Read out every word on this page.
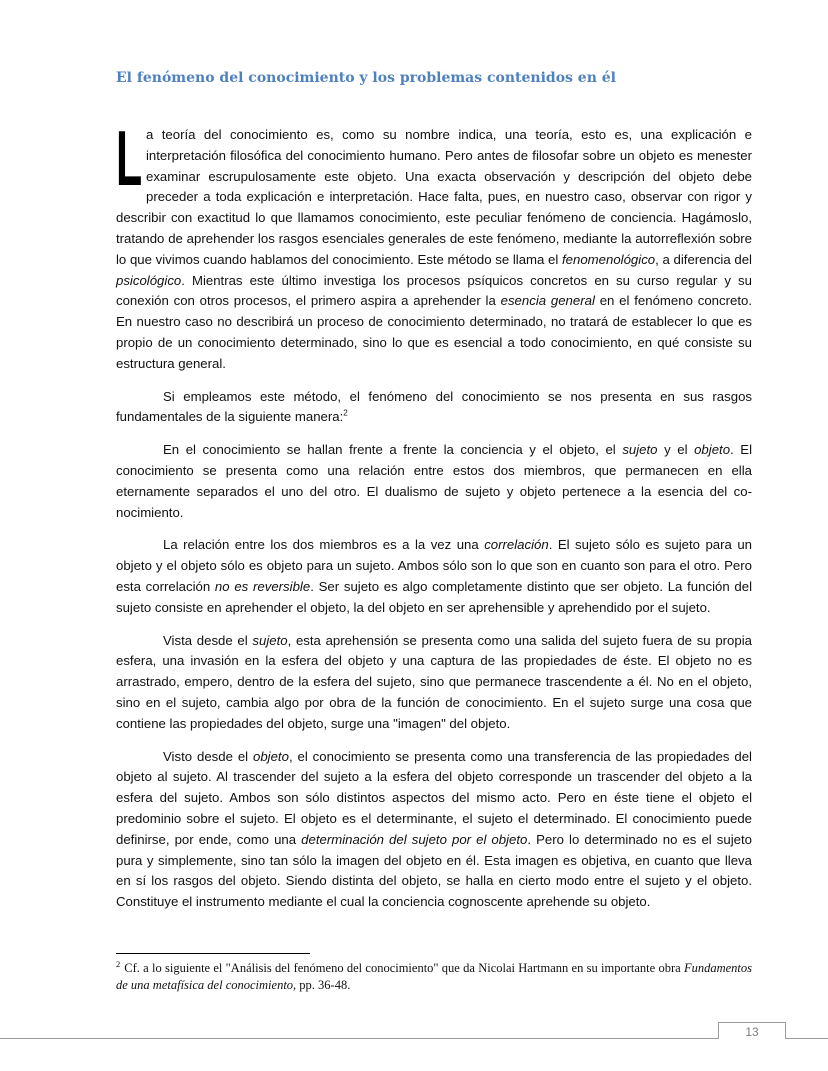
El fenómeno del conocimiento y los problemas contenidos en él

La teoría del conocimiento es, como su nombre indica, una teoría, esto es, una explicación e interpretación filosófica del conocimiento humano. Pero antes de filosofar sobre un objeto es menester examinar escrupulosamente este objeto. Una exacta observación y descripción del objeto debe preceder a toda explicación e interpretación. Hace falta, pues, en nuestro caso, observar con rigor y describir con exactitud lo que llamamos conocimiento, este peculiar fenómeno de conciencia. Hagámoslo, tratando de aprehender los rasgos esenciales generales de este fenómeno, mediante la autorreflexión sobre lo que vivimos cuando hablamos del conocimiento. Este método se llama el fenomenológico, a diferencia del psicológico. Mientras este último investiga los procesos psíquicos concretos en su curso regular y su conexión con otros procesos, el primero aspira a aprehender la esencia general en el fenómeno concreto. En nuestro caso no describirá un proceso de conocimiento determinado, no tratará de establecer lo que es propio de un conocimiento determinado, sino lo que es esencial a todo conocimiento, en qué consiste su estructura general.

Si empleamos este método, el fenómeno del conocimiento se nos presenta en sus rasgos fundamentales de la siguiente manera:$^2$

En el conocimiento se hallan frente a frente la conciencia y el objeto, el sujeto y el objeto. El conocimiento se presenta como una relación entre estos dos miembros, que permanecen en ella eternamente separados el uno del otro. El dualismo de sujeto y objeto pertenece a la esencia del co- nocimiento.

La relación entre los dos miembros es a la vez una correlación. El sujeto sólo es sujeto para un objeto y el objeto sólo es objeto para un sujeto. Ambos sólo son lo que son en cuanto son para el otro. Pero esta correlación no es reversible. Ser sujeto es algo completamente distinto que ser objeto. La función del sujeto consiste en aprehender el objeto, la del objeto en ser aprehensible y aprehendido por el sujeto.

Vista desde el sujeto, esta aprehensión se presenta como una salida del sujeto fuera de su propia esfera, una invasión en la esfera del objeto y una captura de las propiedades de éste. El objeto no es arrastrado, empero, dentro de la esfera del sujeto, sino que permanece trascendente a él. No en el objeto, sino en el sujeto, cambia algo por obra de la función de conocimiento. En el sujeto surge una cosa que contiene las propiedades del objeto, surge una "imagen" del objeto.

Visto desde el objeto, el conocimiento se presenta como una transferencia de las propiedades del objeto al sujeto. Al trascender del sujeto a la esfera del objeto corresponde un trascender del objeto a la esfera del sujeto. Ambos son sólo distintos aspectos del mismo acto. Pero en éste tiene el objeto el predominio sobre el sujeto. El objeto es el determinante, el sujeto el determinado. El conocimiento puede definirse, por ende, como una determinación del sujeto por el objeto. Pero lo determinado no es el sujeto pura y simplemente, sino tan sólo la imagen del objeto en él. Esta imagen es objetiva, en cuanto que lleva en sí los rasgos del objeto. Siendo distinta del objeto, se halla en cierto modo entre el sujeto y el objeto. Constituye el instrumento mediante el cual la conciencia cognoscente aprehende su objeto.

$^2$ Cf. a lo siguiente el "Análisis del fenómeno del conocimiento" que da Nicolai Hartmann en su importante obra Fundamentos de una metafísica del conocimiento, pp. 36-48.
13
